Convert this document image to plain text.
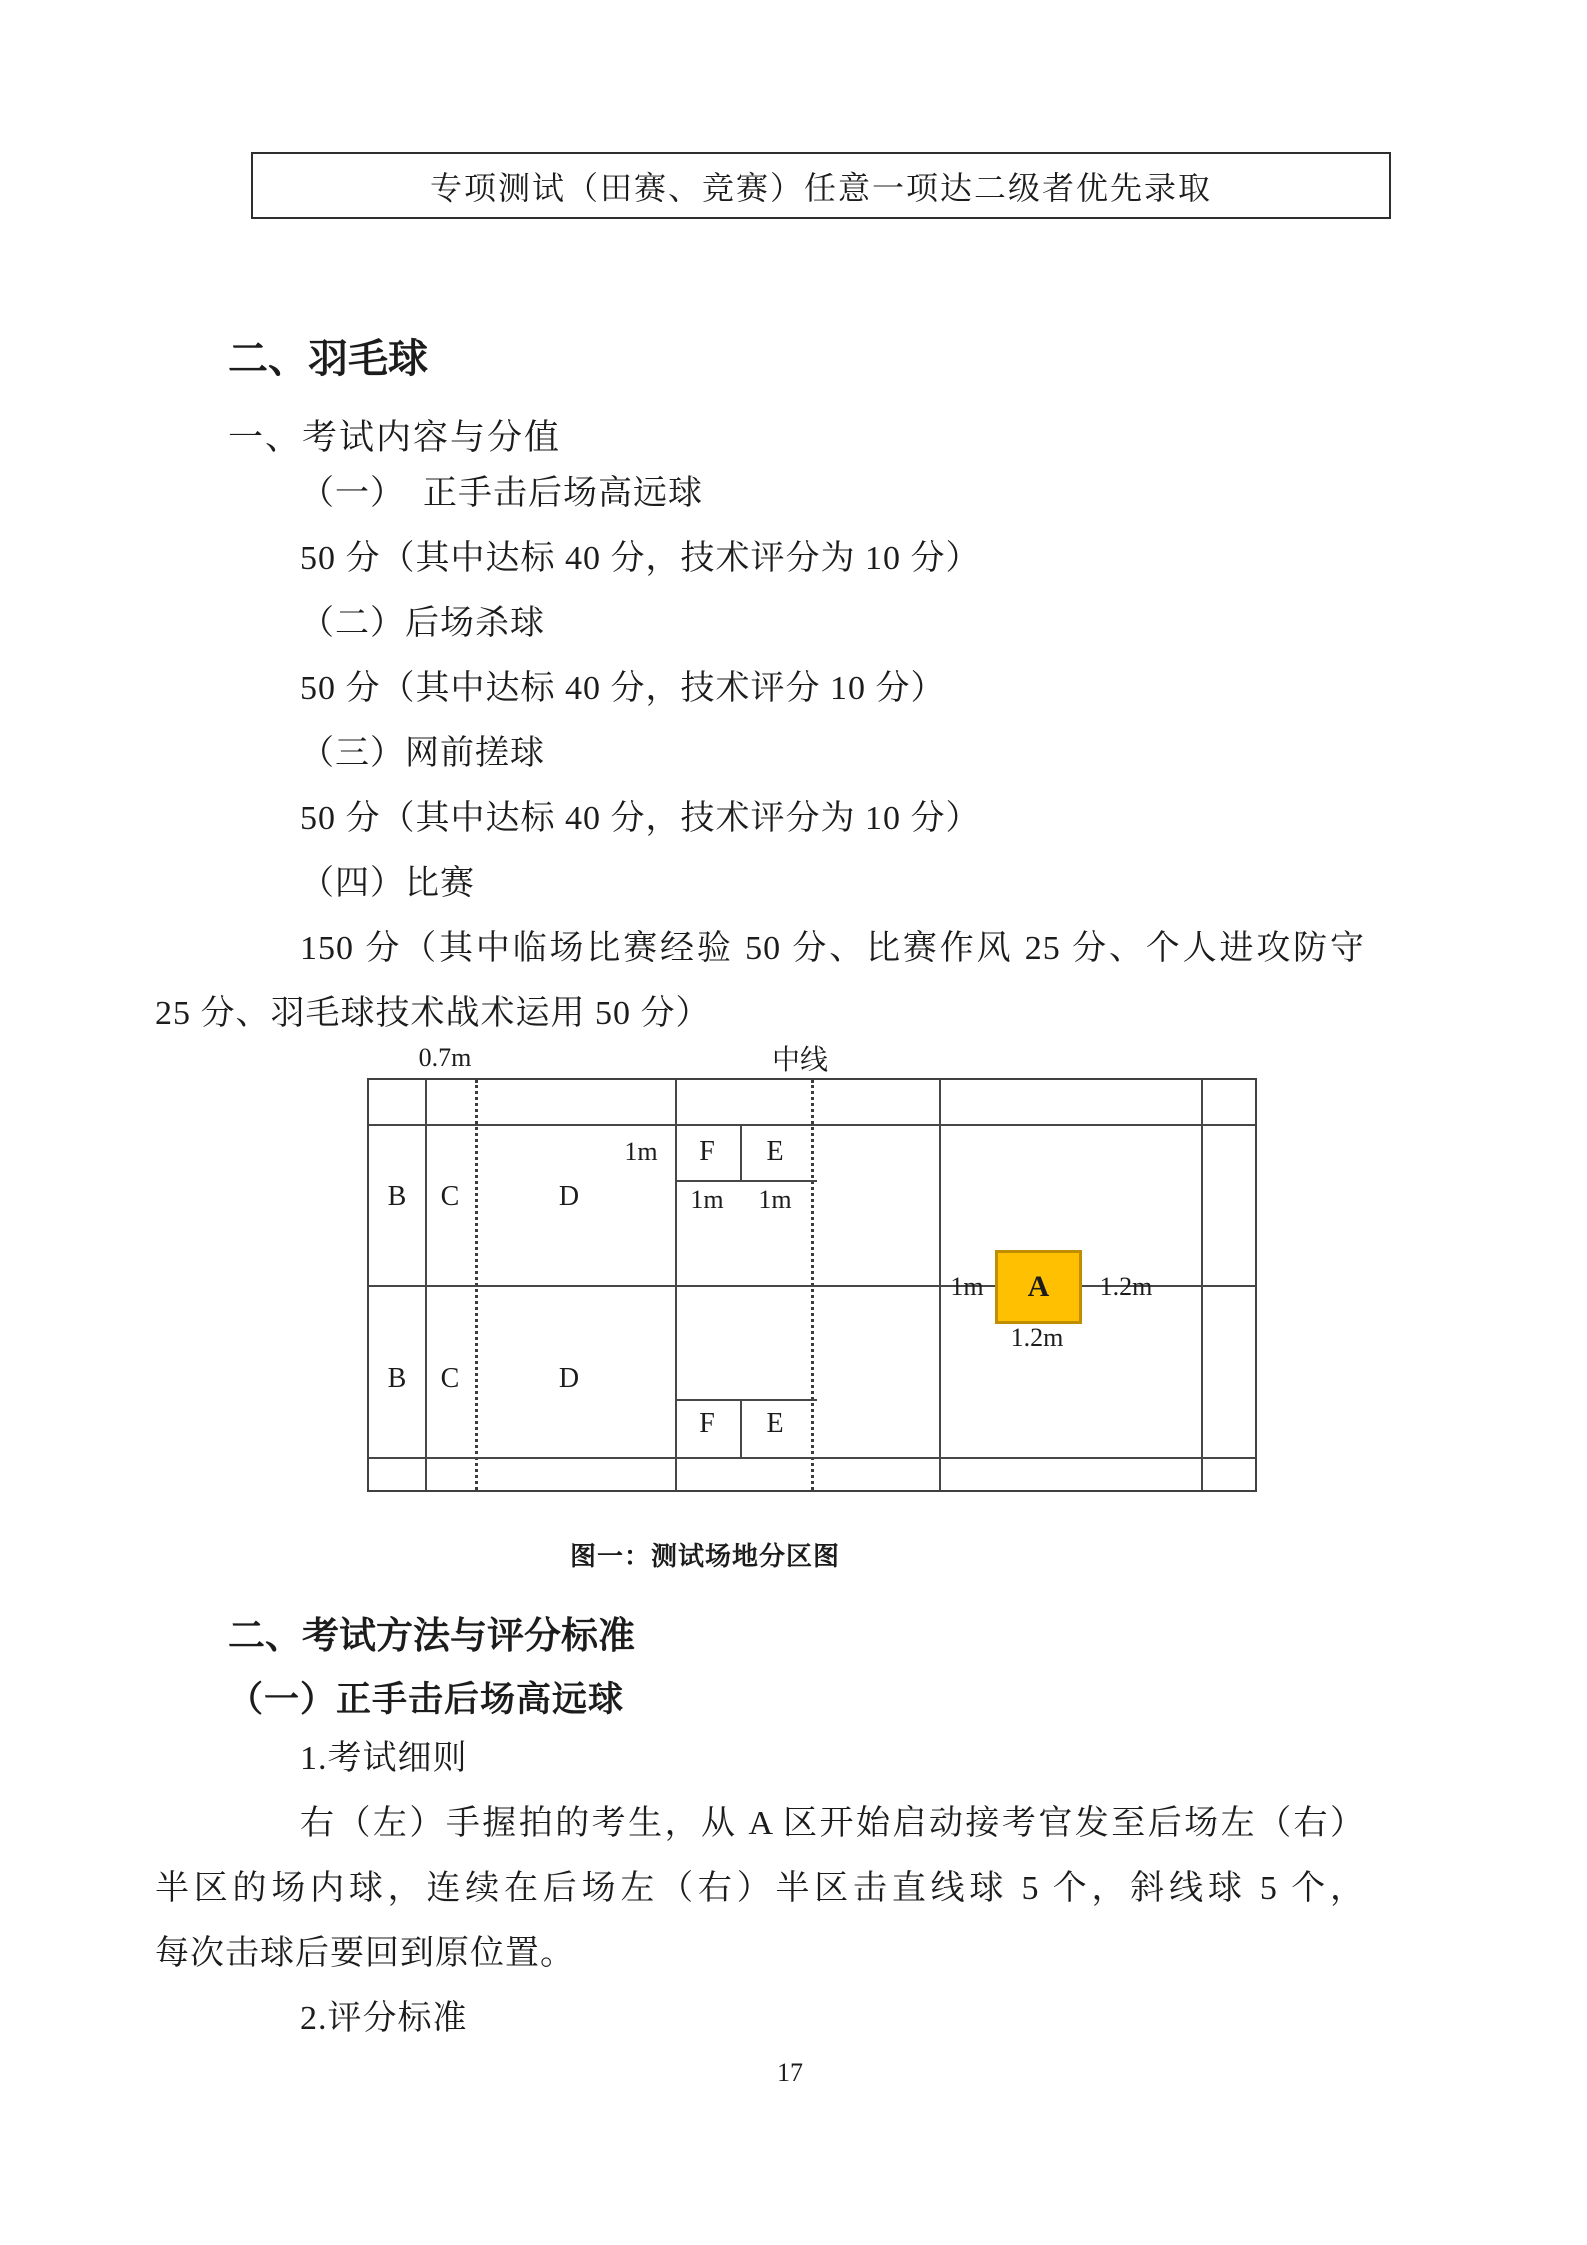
专项测试（田赛、竞赛）任意一项达二级者优先录取
二、羽毛球
一、考试内容与分值
（一）　正手击后场高远球
50 分（其中达标 40 分，技术评分为 10 分）
（二）后场杀球
50 分（其中达标 40 分，技术评分 10 分）
（三）网前搓球
50 分（其中达标 40 分，技术评分为 10 分）
（四）比赛
150 分（其中临场比赛经验 50 分、比赛作风 25 分、个人进攻防守
25 分、羽毛球技术战术运用 50 分）
0.7m	中线
B C	D
F E
1m
1m 1m
B C	D
F E
A
1m	1.2m
1.2m
图一：测试场地分区图
二、考试方法与评分标准
（一）正手击后场高远球
1.考试细则
右（左）手握拍的考生，从 A 区开始启动接考官发至后场左（右）
半区的场内球，连续在后场左（右）半区击直线球 5 个，斜线球 5 个，
每次击球后要回到原位置。
2.评分标准
17
